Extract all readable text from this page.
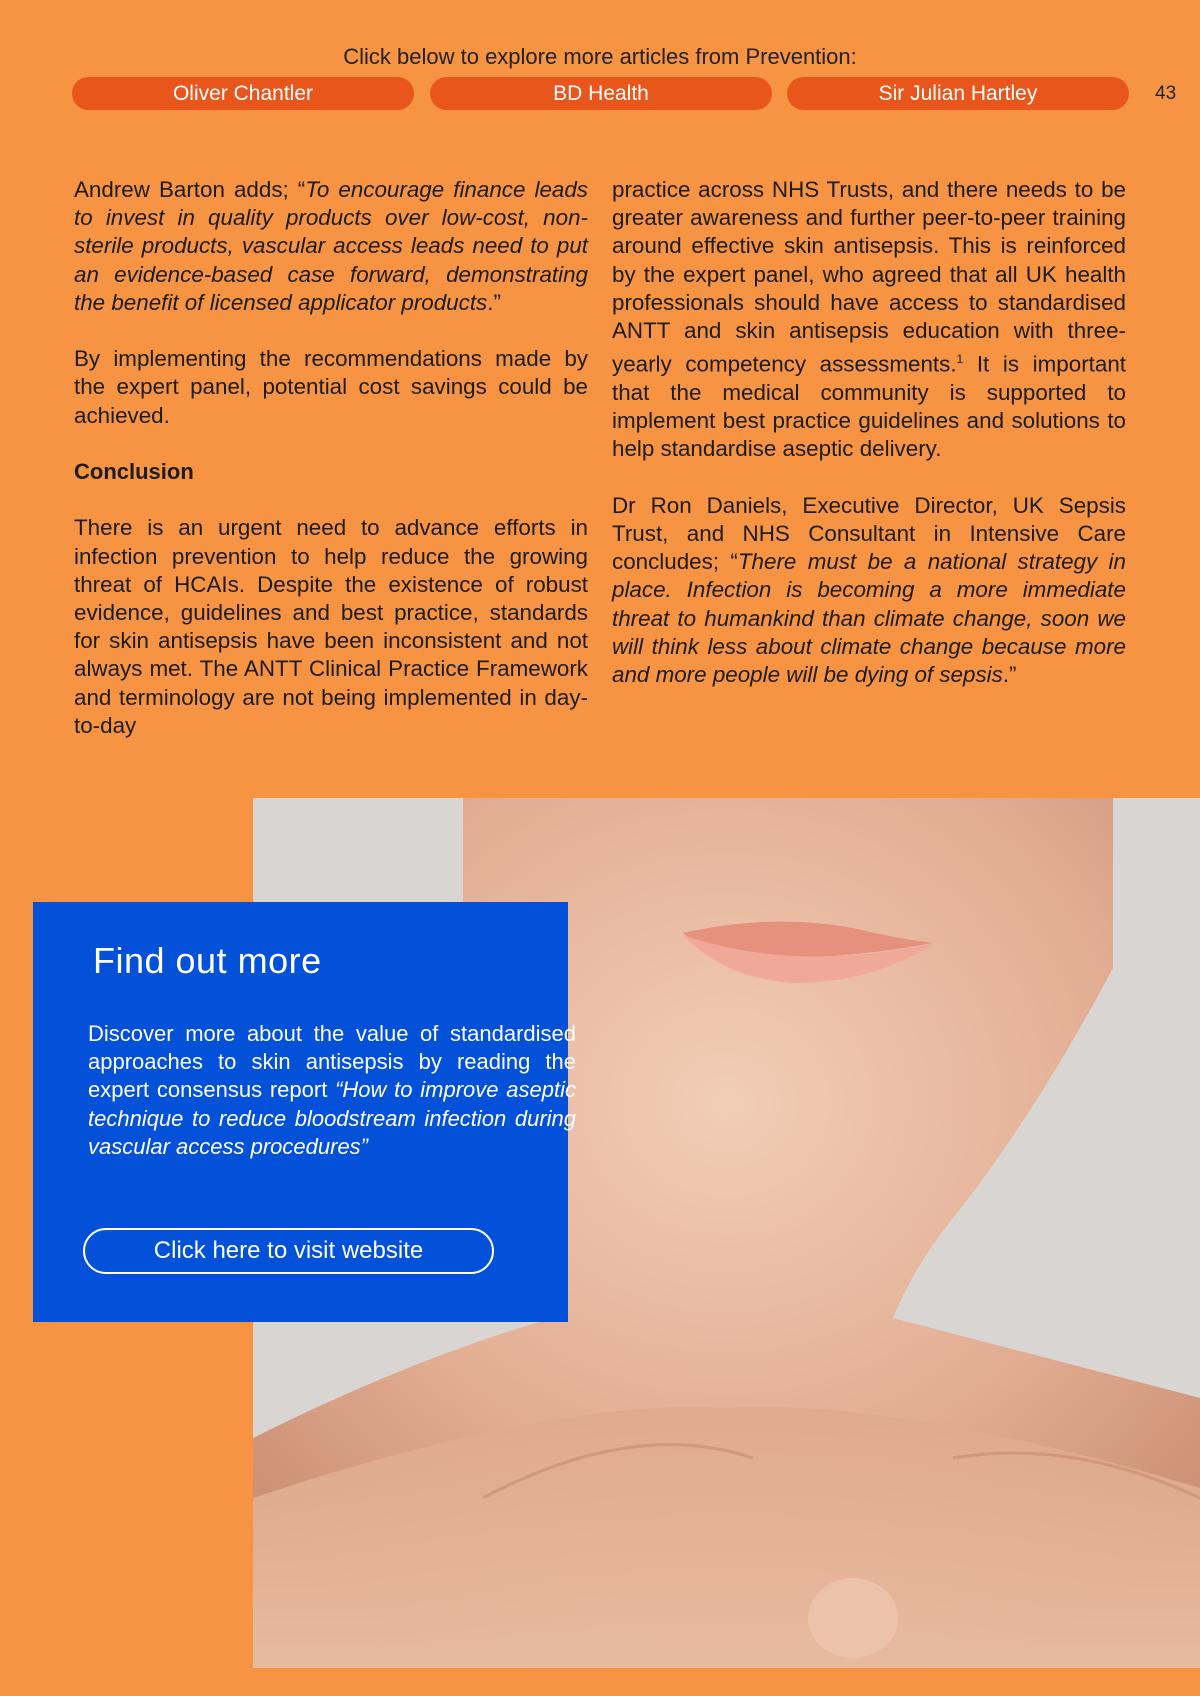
Click below to explore more articles from Prevention:
Oliver Chantler	BD Health	Sir Julian Hartley	43

Andrew Barton adds; “To encourage finance leads to invest in quality products over low-cost, non-sterile products, vascular access leads need to put an evidence-based case forward, demonstrating the benefit of licensed applicator products.”

By implementing the recommendations made by the expert panel, potential cost savings could be achieved.

Conclusion

There is an urgent need to advance efforts in infection prevention to help reduce the growing threat of HCAIs. Despite the existence of robust evidence, guidelines and best practice, standards for skin antisepsis have been inconsistent and not always met. The ANTT Clinical Practice Framework and terminology are not being implemented in day-to-day

practice across NHS Trusts, and there needs to be greater awareness and further peer-to-peer training around effective skin antisepsis. This is reinforced by the expert panel, who agreed that all UK health professionals should have access to standardised ANTT and skin antisepsis education with three-yearly competency assessments.$^1$ It is important that the medical community is supported to implement best practice guidelines and solutions to help standardise aseptic delivery.

Dr Ron Daniels, Executive Director, UK Sepsis Trust, and NHS Consultant in Intensive Care concludes; “There must be a national strategy in place. Infection is becoming a more immediate threat to humankind than climate change, soon we will think less about climate change because more and more people will be dying of sepsis.”

Find out more
Discover more about the value of standardised approaches to skin antisepsis by reading the expert consensus report “How to improve aseptic technique to reduce bloodstream infection during vascular access procedures”
Click here to visit website
